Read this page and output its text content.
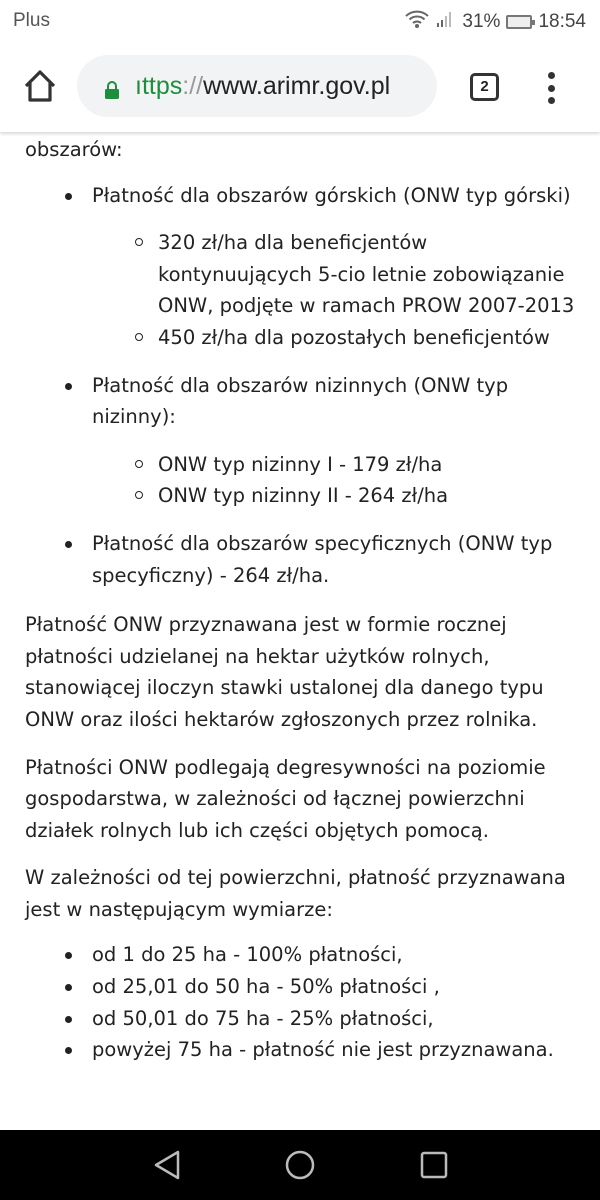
Plus	31% 18:54
ıttps://www.arimr.gov.pl	2
obszarów:
Płatność dla obszarów górskich (ONW typ górski)
320 zł/ha dla beneficjentów kontynuujących 5-cio letnie zobowiązanie ONW, podjęte w ramach PROW 2007-2013
450 zł/ha dla pozostałych beneficjentów
Płatność dla obszarów nizinnych (ONW typ nizinny):
ONW typ nizinny I - 179 zł/ha
ONW typ nizinny II - 264 zł/ha
Płatność dla obszarów specyficznych (ONW typ specyficzny) - 264 zł/ha.

Płatność ONW przyznawana jest w formie rocznej płatności udzielanej na hektar użytków rolnych, stanowiącej iloczyn stawki ustalonej dla danego typu ONW oraz ilości hektarów zgłoszonych przez rolnika.

Płatności ONW podlegają degresywności na poziomie gospodarstwa, w zależności od łącznej powierzchni działek rolnych lub ich części objętych pomocą.

W zależności od tej powierzchni, płatność przyznawana jest w następującym wymiarze:

od 1 do 25 ha - 100% płatności,
od 25,01 do 50 ha - 50% płatności ,
od 50,01 do 75 ha - 25% płatności,
powyżej 75 ha - płatność nie jest przyznawana.
